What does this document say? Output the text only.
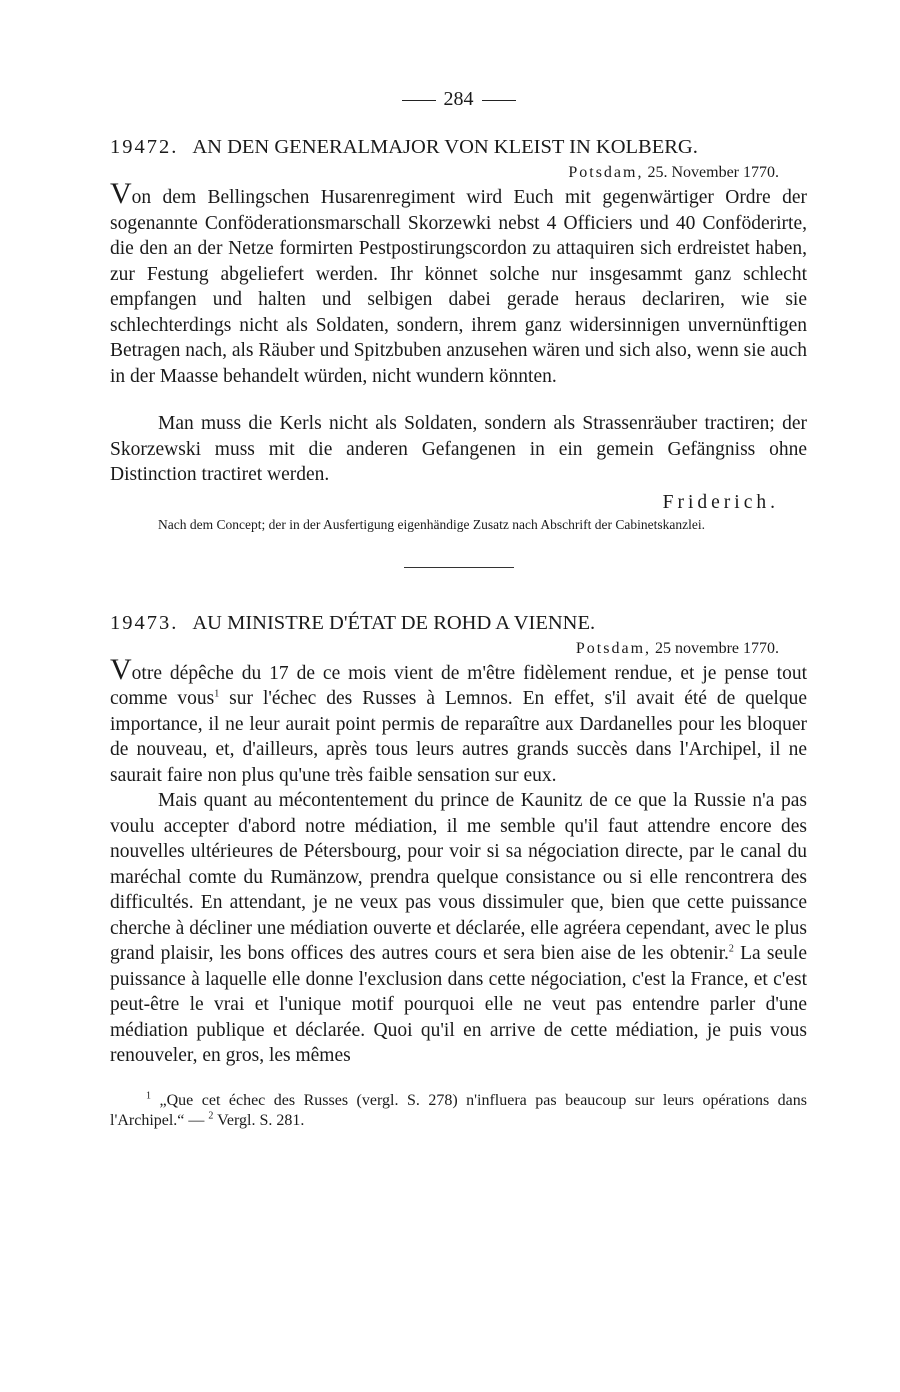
284
19472. AN DEN GENERALMAJOR VON KLEIST IN KOLBERG.
Potsdam, 25. November 1770.

Von dem Bellingschen Husarenregiment wird Euch mit gegenwärtiger Ordre der sogenannte Conföderationsmarschall Skorzewki nebst 4 Officiers und 40 Conföderirte, die den an der Netze formirten Pestpostirungscordon zu attaquiren sich erdreistet haben, zur Festung abgeliefert werden. Ihr könnet solche nur insgesammt ganz schlecht empfangen und halten und selbigen dabei gerade heraus declariren, wie sie schlechterdings nicht als Soldaten, sondern, ihrem ganz widersinnigen unvernünftigen Betragen nach, als Räuber und Spitzbuben anzusehen wären und sich also, wenn sie auch in der Maasse behandelt würden, nicht wundern könnten.

Man muss die Kerls nicht als Soldaten, sondern als Strassenräuber tractiren; der Skorzewski muss mit die anderen Gefangenen in ein gemein Gefängniss ohne Distinction tractiret werden.

Friderich.

Nach dem Concept; der in der Ausfertigung eigenhändige Zusatz nach Abschrift der Cabinetskanzlei.

19473. AU MINISTRE D'ÉTAT DE ROHD A VIENNE.
Potsdam, 25 novembre 1770.

Votre dépêche du 17 de ce mois vient de m'être fidèlement rendue, et je pense tout comme vous$^1$ sur l'échec des Russes à Lemnos. En effet, s'il avait été de quelque importance, il ne leur aurait point permis de reparaître aux Dardanelles pour les bloquer de nouveau, et, d'ailleurs, après tous leurs autres grands succès dans l'Archipel, il ne saurait faire non plus qu'une très faible sensation sur eux.

Mais quant au mécontentement du prince de Kaunitz de ce que la Russie n'a pas voulu accepter d'abord notre médiation, il me semble qu'il faut attendre encore des nouvelles ultérieures de Pétersbourg, pour voir si sa négociation directe, par le canal du maréchal comte du Rumänzow, prendra quelque consistance ou si elle rencontrera des difficultés. En attendant, je ne veux pas vous dissimuler que, bien que cette puissance cherche à décliner une médiation ouverte et déclarée, elle agréera cependant, avec le plus grand plaisir, les bons offices des autres cours et sera bien aise de les obtenir.$^2$ La seule puissance à laquelle elle donne l'exclusion dans cette négociation, c'est la France, et c'est peut-être le vrai et l'unique motif pourquoi elle ne veut pas entendre parler d'une médiation publique et déclarée. Quoi qu'il en arrive de cette médiation, je puis vous renouveler, en gros, les mêmes

$^1$ „Que cet échec des Russes (vergl. S. 278) n'influera pas beaucoup sur leurs opérations dans l'Archipel.“ — $^2$ Vergl. S. 281.
